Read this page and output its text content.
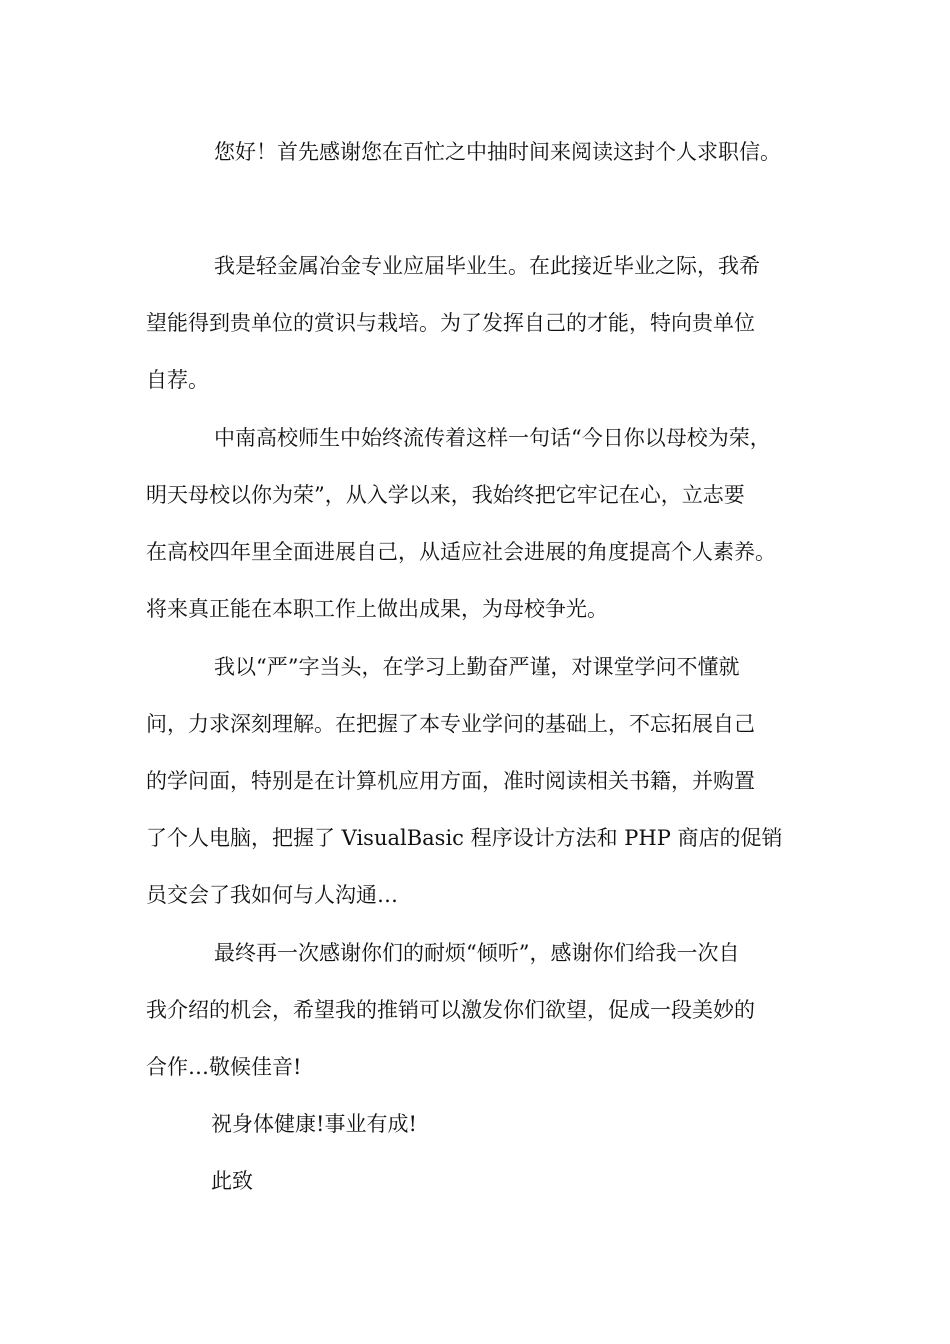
您好！首先感谢您在百忙之中抽时间来阅读这封个人求职信。

我是轻金属冶金专业应届毕业生。在此接近毕业之际，我希

望能得到贵单位的赏识与栽培。为了发挥自己的才能，特向贵单位

自荐。

中南高校师生中始终流传着这样一句话“今日你以母校为荣，

明天母校以你为荣”，从入学以来，我始终把它牢记在心，立志要

在高校四年里全面进展自己，从适应社会进展的角度提高个人素养。

将来真正能在本职工作上做出成果，为母校争光。

我以“严”字当头，在学习上勤奋严谨，对课堂学问不懂就

问，力求深刻理解。在把握了本专业学问的基础上，不忘拓展自己

的学问面，特别是在计算机应用方面，准时阅读相关书籍，并购置

了个人电脑，把握了 VisualBasic 程序设计方法和 PHP 商店的促销

员交会了我如何与人沟通…

最终再一次感谢你们的耐烦“倾听”，感谢你们给我一次自

我介绍的机会，希望我的推销可以激发你们欲望，促成一段美妙的

合作…敬候佳音!

祝身体健康!事业有成!

此致
